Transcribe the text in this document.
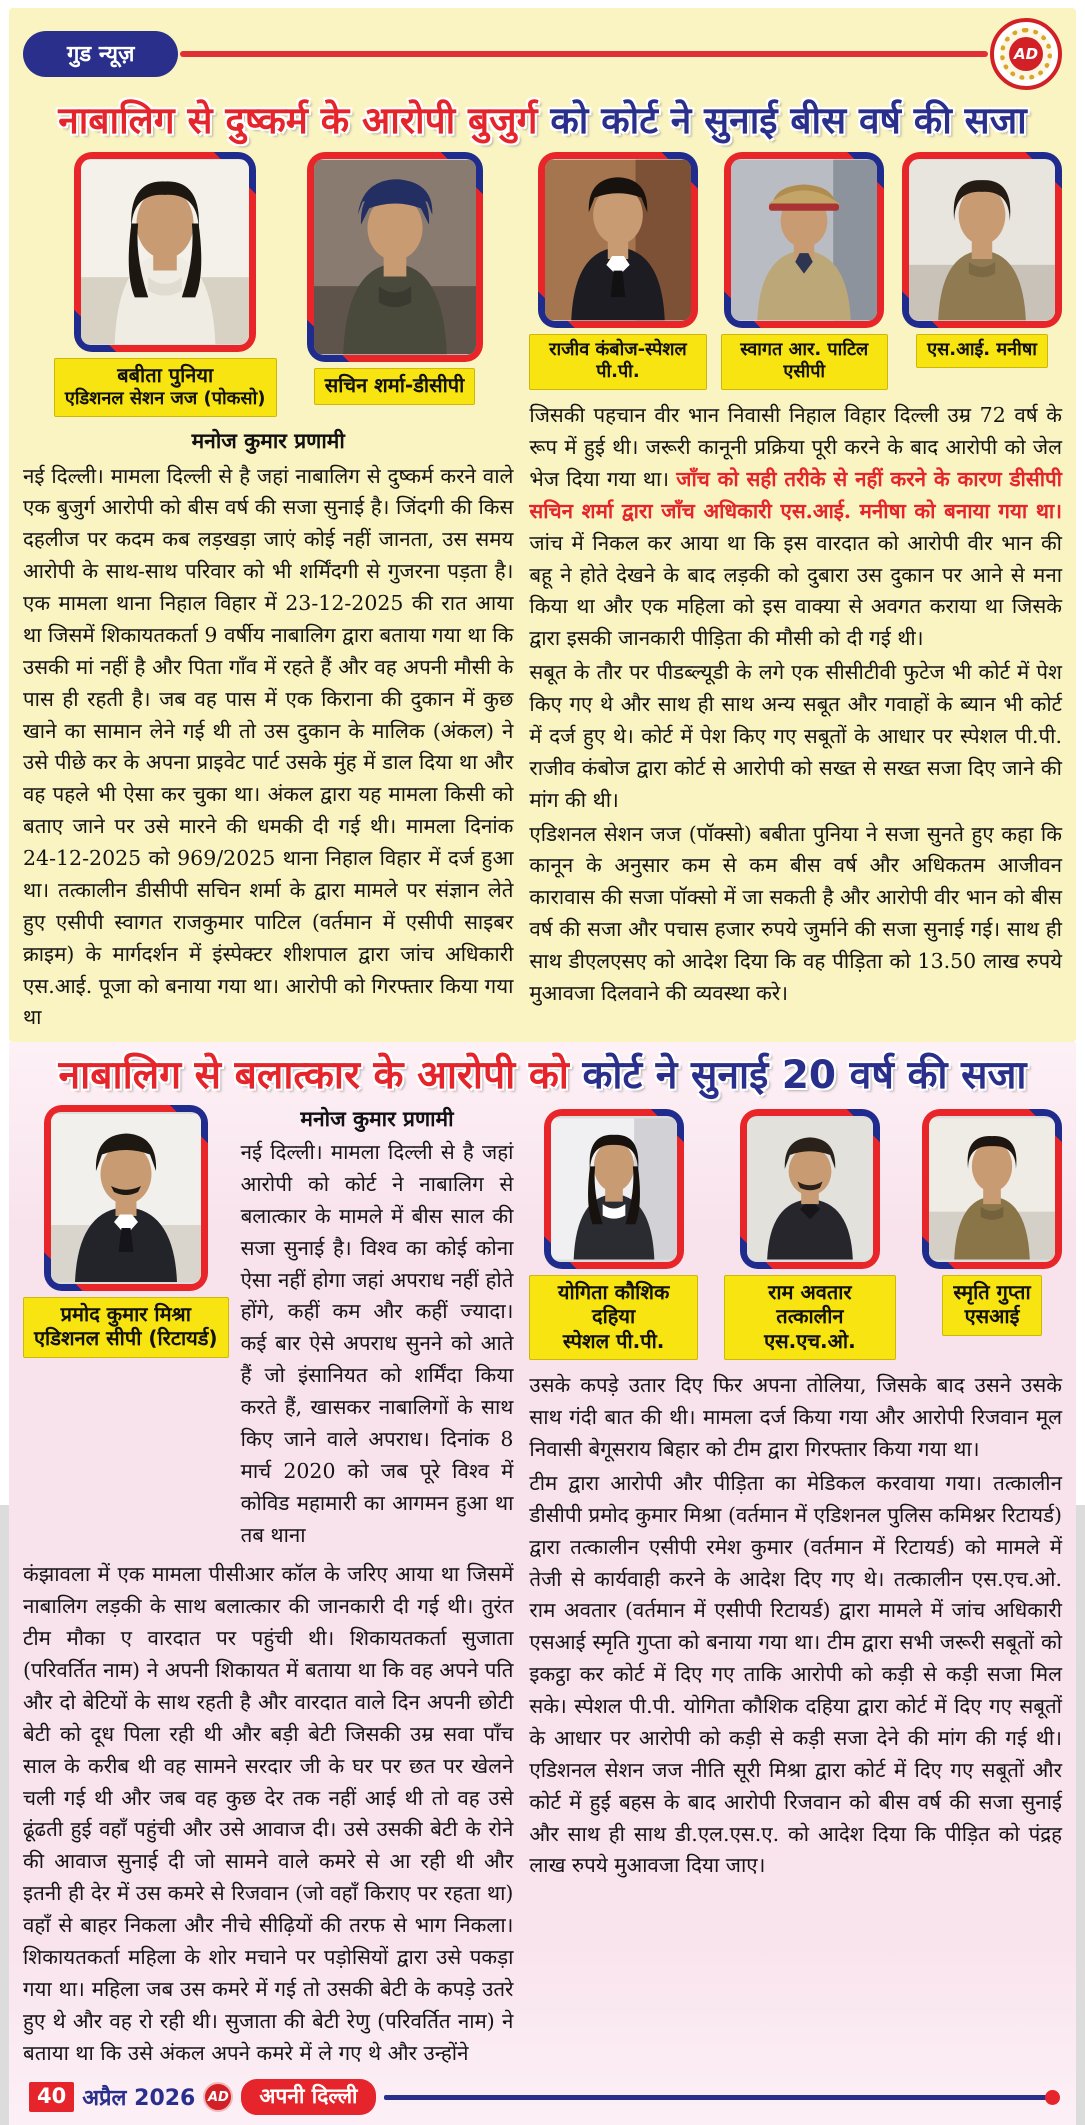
गुड न्यूज़	AD
नाबालिग से दुष्कर्म के आरोपी बुजुर्ग को कोर्ट ने सुनाई बीस वर्ष की सजा
बबीता पुनिया
एडिशनल सेशन जज (पोकसो)
सचिन शर्मा-डीसीपी
मनोज कुमार प्रणामी

नई दिल्ली। मामला दिल्ली से है जहां नाबालिग से दुष्कर्म करने वाले एक बुजुर्ग आरोपी को बीस वर्ष की सजा सुनाई है। जिंदगी की किस दहलीज पर कदम कब लड़खड़ा जाएं कोई नहीं जानता, उस समय आरोपी के साथ-साथ परिवार को भी शर्मिंदगी से गुजरना पड़ता है। एक मामला थाना निहाल विहार में 23-12-2025 की रात आया था जिसमें शिकायतकर्ता 9 वर्षीय नाबालिग द्वारा बताया गया था कि उसकी मां नहीं है और पिता गाँव में रहते हैं और वह अपनी मौसी के पास ही रहती है। जब वह पास में एक किराना की दुकान में कुछ खाने का सामान लेने गई थी तो उस दुकान के मालिक (अंकल) ने उसे पीछे कर के अपना प्राइवेट पार्ट उसके मुंह में डाल दिया था और वह पहले भी ऐसा कर चुका था। अंकल द्वारा यह मामला किसी को बताए जाने पर उसे मारने की धमकी दी गई थी। मामला दिनांक 24-12-2025 को 969/2025 थाना निहाल विहार में दर्ज हुआ था। तत्कालीन डीसीपी सचिन शर्मा के द्वारा मामले पर संज्ञान लेते हुए एसीपी स्वागत राजकुमार पाटिल (वर्तमान में एसीपी साइबर क्राइम) के मार्गदर्शन में इंस्पेक्टर शीशपाल द्वारा जांच अधिकारी एस.आई. पूजा को बनाया गया था। आरोपी को गिरफ्तार किया गया था

राजीव कंबोज-स्पेशल पी.पी.
स्वागत आर. पाटिल एसीपी
एस.आई. मनीषा

जिसकी पहचान वीर भान निवासी निहाल विहार दिल्ली उम्र 72 वर्ष के रूप में हुई थी। जरूरी कानूनी प्रक्रिया पूरी करने के बाद आरोपी को जेल भेज दिया गया था। जाँच को सही तरीके से नहीं करने के कारण डीसीपी सचिन शर्मा द्वारा जाँच अधिकारी एस.आई. मनीषा को बनाया गया था। जांच में निकल कर आया था कि इस वारदात को आरोपी वीर भान की बहू ने होते देखने के बाद लड़की को दुबारा उस दुकान पर आने से मना किया था और एक महिला को इस वाक्या से अवगत कराया था जिसके द्वारा इसकी जानकारी पीड़िता की मौसी को दी गई थी।

सबूत के तौर पर पीडब्ल्यूडी के लगे एक सीसीटीवी फुटेज भी कोर्ट में पेश किए गए थे और साथ ही साथ अन्य सबूत और गवाहों के ब्यान भी कोर्ट में दर्ज हुए थे। कोर्ट में पेश किए गए सबूतों के आधार पर स्पेशल पी.पी. राजीव कंबोज द्वारा कोर्ट से आरोपी को सख्त से सख्त सजा दिए जाने की मांग की थी।

एडिशनल सेशन जज (पॉक्सो) बबीता पुनिया ने सजा सुनते हुए कहा कि कानून के अनुसार कम से कम बीस वर्ष और अधिकतम आजीवन कारावास की सजा पॉक्सो में जा सकती है और आरोपी वीर भान को बीस वर्ष की सजा और पचास हजार रुपये जुर्माने की सजा सुनाई गई। साथ ही साथ डीएलएसए को आदेश दिया कि वह पीड़िता को 13.50 लाख रुपये मुआवजा दिलवाने की व्यवस्था करे।

नाबालिग से बलात्कार के आरोपी को कोर्ट ने सुनाई 20 वर्ष की सजा
प्रमोद कुमार मिश्रा
एडिशनल सीपी (रिटायर्ड)
मनोज कुमार प्रणामी

नई दिल्ली। मामला दिल्ली से है जहां आरोपी को कोर्ट ने नाबालिग से बलात्कार के मामले में बीस साल की सजा सुनाई है। विश्व का कोई कोना ऐसा नहीं होगा जहां अपराध नहीं होते होंगे, कहीं कम और कहीं ज्यादा। कई बार ऐसे अपराध सुनने को आते हैं जो इंसानियत को शर्मिंदा किया करते हैं, खासकर नाबालिगों के साथ किए जाने वाले अपराध। दिनांक 8 मार्च 2020 को जब पूरे विश्व में कोविड महामारी का आगमन हुआ था तब थाना

कंझावला में एक मामला पीसीआर कॉल के जरिए आया था जिसमें नाबालिग लड़की के साथ बलात्कार की जानकारी दी गई थी। तुरंत टीम मौका ए वारदात पर पहुंची थी। शिकायतकर्ता सुजाता (परिवर्तित नाम) ने अपनी शिकायत में बताया था कि वह अपने पति और दो बेटियों के साथ रहती है और वारदात वाले दिन अपनी छोटी बेटी को दूध पिला रही थी और बड़ी बेटी जिसकी उम्र सवा पाँच साल के करीब थी वह सामने सरदार जी के घर पर छत पर खेलने चली गई थी और जब वह कुछ देर तक नहीं आई थी तो वह उसे ढूंढती हुई वहाँ पहुंची और उसे आवाज दी। उसे उसकी बेटी के रोने की आवाज सुनाई दी जो सामने वाले कमरे से आ रही थी और इतनी ही देर में उस कमरे से रिजवान (जो वहाँ किराए पर रहता था) वहाँ से बाहर निकला और नीचे सीढ़ियों की तरफ से भाग निकला। शिकायतकर्ता महिला के शोर मचाने पर पड़ोसियों द्वारा उसे पकड़ा गया था। महिला जब उस कमरे में गई तो उसकी बेटी के कपड़े उतरे हुए थे और वह रो रही थी। सुजाता की बेटी रेणु (परिवर्तित नाम) ने बताया था कि उसे अंकल अपने कमरे में ले गए थे और उन्होंने

योगिता कौशिक दहिया
स्पेशल पी.पी.
राम अवतार
तत्कालीन एस.एच.ओ.
स्मृति गुप्ता
एसआई

उसके कपड़े उतार दिए फिर अपना तोलिया, जिसके बाद उसने उसके साथ गंदी बात की थी। मामला दर्ज किया गया और आरोपी रिजवान मूल निवासी बेगूसराय बिहार को टीम द्वारा गिरफ्तार किया गया था।

टीम द्वारा आरोपी और पीड़िता का मेडिकल करवाया गया। तत्कालीन डीसीपी प्रमोद कुमार मिश्रा (वर्तमान में एडिशनल पुलिस कमिश्नर रिटायर्ड) द्वारा तत्कालीन एसीपी रमेश कुमार (वर्तमान में रिटायर्ड) को मामले में तेजी से कार्यवाही करने के आदेश दिए गए थे। तत्कालीन एस.एच.ओ. राम अवतार (वर्तमान में एसीपी रिटायर्ड) द्वारा मामले में जांच अधिकारी एसआई स्मृति गुप्ता को बनाया गया था। टीम द्वारा सभी जरूरी सबूतों को इकट्ठा कर कोर्ट में दिए गए ताकि आरोपी को कड़ी से कड़ी सजा मिल सके। स्पेशल पी.पी. योगिता कौशिक दहिया द्वारा कोर्ट में दिए गए सबूतों के आधार पर आरोपी को कड़ी से कड़ी सजा देने की मांग की गई थी। एडिशनल सेशन जज नीति सूरी मिश्रा द्वारा कोर्ट में दिए गए सबूतों और कोर्ट में हुई बहस के बाद आरोपी रिजवान को बीस वर्ष की सजा सुनाई और साथ ही साथ डी.एल.एस.ए. को आदेश दिया कि पीड़ित को पंद्रह लाख रुपये मुआवजा दिया जाए।

40 अप्रैल 2026 AD	अपनी दिल्ली
